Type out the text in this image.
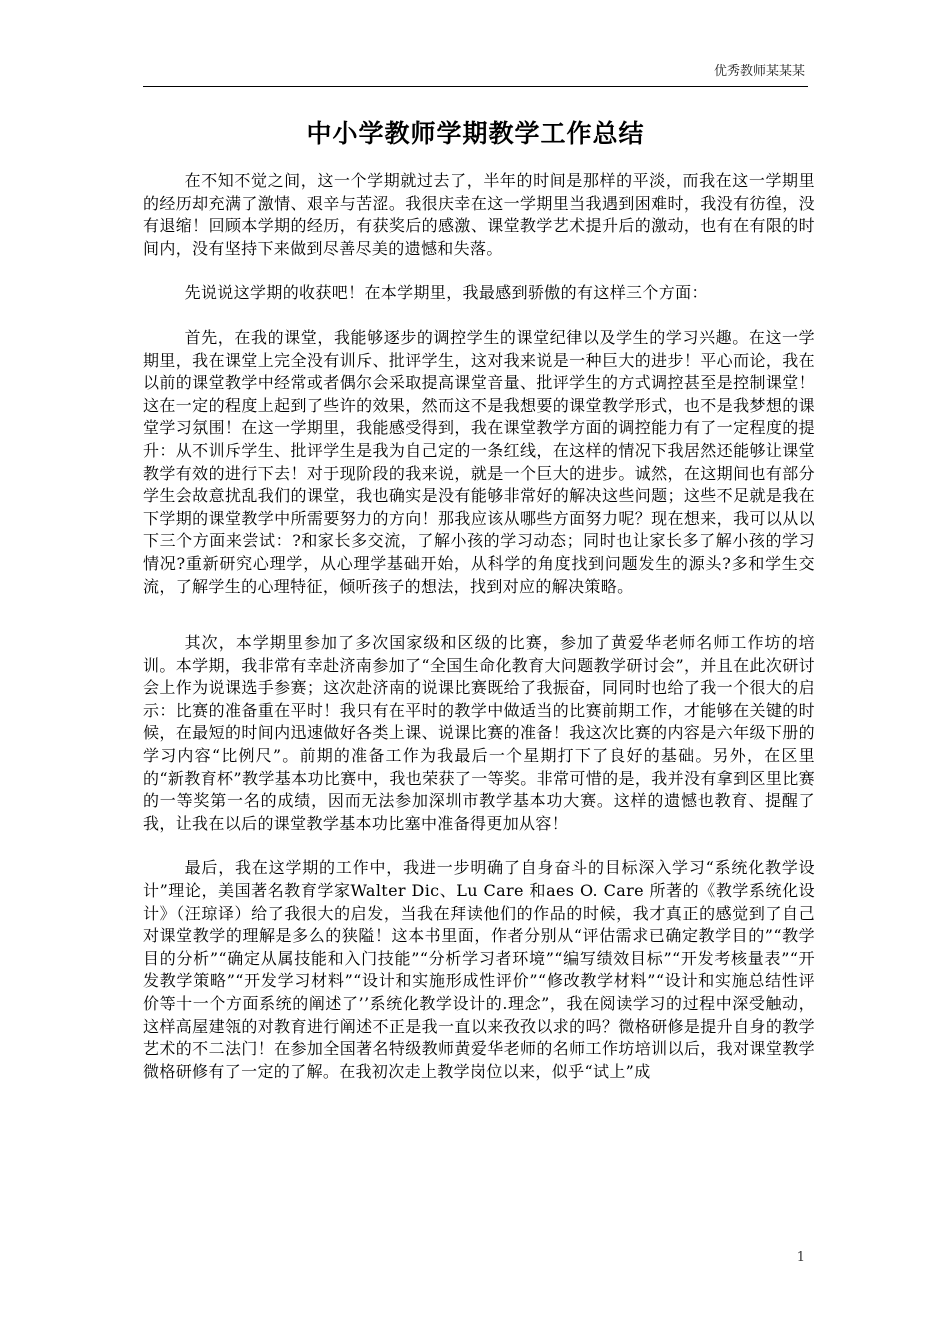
优秀教师某某某
中小学教师学期教学工作总结

在不知不觉之间，这一个学期就过去了，半年的时间是那样的平淡，而我在这一学期里的经历却充满了激情、艰辛与苦涩。我很庆幸在这一学期里当我遇到困难时，我没有彷徨，没有退缩！回顾本学期的经历，有获奖后的感激、课堂教学艺术提升后的激动，也有在有限的时间内，没有坚持下来做到尽善尽美的遗憾和失落。

先说说这学期的收获吧！在本学期里，我最感到骄傲的有这样三个方面：

首先，在我的课堂，我能够逐步的调控学生的课堂纪律以及学生的学习兴趣。在这一学期里，我在课堂上完全没有训斥、批评学生，这对我来说是一种巨大的进步！平心而论，我在以前的课堂教学中经常或者偶尔会采取提高课堂音量、批评学生的方式调控甚至是控制课堂！这在一定的程度上起到了些许的效果，然而这不是我想要的课堂教学形式，也不是我梦想的课堂学习氛围！在这一学期里，我能感受得到，我在课堂教学方面的调控能力有了一定程度的提升：从不训斥学生、批评学生是我为自己定的一条红线，在这样的情况下我居然还能够让课堂教学有效的进行下去！对于现阶段的我来说，就是一个巨大的进步。诚然，在这期间也有部分学生会故意扰乱我们的课堂，我也确实是没有能够非常好的解决这些问题；这些不足就是我在下学期的课堂教学中所需要努力的方向！那我应该从哪些方面努力呢？现在想来，我可以从以下三个方面来尝试：?和家长多交流，了解小孩的学习动态；同时也让家长多了解小孩的学习情况?重新研究心理学，从心理学基础开始，从科学的角度找到问题发生的源头?多和学生交流，了解学生的心理特征，倾听孩子的想法，找到对应的解决策略。

其次，本学期里参加了多次国家级和区级的比赛，参加了黄爱华老师名师工作坊的培训。本学期，我非常有幸赴济南参加了“全国生命化教育大问题教学研讨会”，并且在此次研讨会上作为说课选手参赛；这次赴济南的说课比赛既给了我振奋，同同时也给了我一个很大的启示：比赛的准备重在平时！我只有在平时的教学中做适当的比赛前期工作，才能够在关键的时候，在最短的时间内迅速做好各类上课、说课比赛的准备！我这次比赛的内容是六年级下册的学习内容“比例尺”。前期的准备工作为我最后一个星期打下了良好的基础。另外，在区里的“新教育杯”教学基本功比赛中，我也荣获了一等奖。非常可惜的是，我并没有拿到区里比赛的一等奖第一名的成绩，因而无法参加深圳市教学基本功大赛。这样的遗憾也教育、提醒了我，让我在以后的课堂教学基本功比塞中准备得更加从容！

最后，我在这学期的工作中，我进一步明确了自身奋斗的目标深入学习“系统化教学设计”理论，美国著名教育学家Walter Dic、Lu Care 和aes O. Care 所著的《教学系统化设计》（汪琼译）给了我很大的启发，当我在拜读他们的作品的时候，我才真正的感觉到了自己对课堂教学的理解是多么的狭隘！这本书里面，作者分别从“评估需求已确定教学目的”“教学目的分析”“确定从属技能和入门技能”“分析学习者环境”“编写绩效目标”“开发考核量表”“开发教学策略”“开发学习材料”“设计和实施形成性评价”“修改教学材料”“设计和实施总结性评价等十一个方面系统的阐述了’’系统化教学设计的.理念”，我在阅读学习的过程中深受触动，这样高屋建瓴的对教育进行阐述不正是我一直以来孜孜以求的吗？微格研修是提升自身的教学艺术的不二法门！在参加全国著名特级教师黄爱华老师的名师工作坊培训以后，我对课堂教学微格研修有了一定的了解。在我初次走上教学岗位以来，似乎“试上”成

1
